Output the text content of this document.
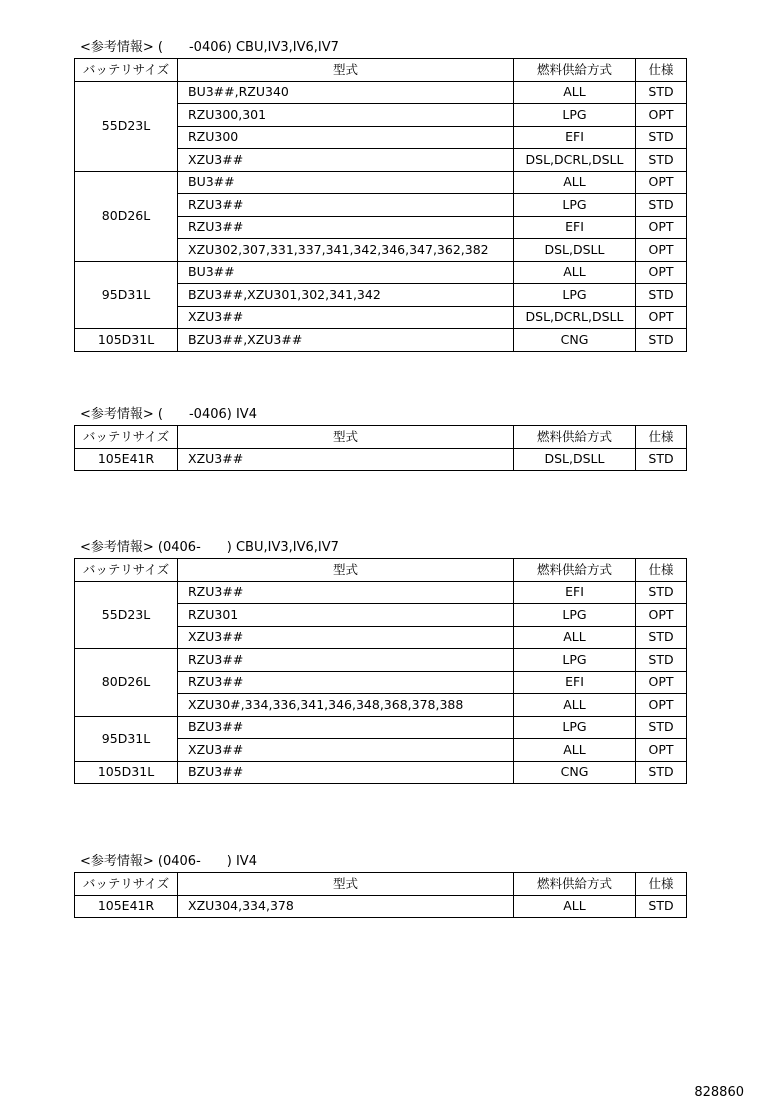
<参考情報> (　　-0406) CBU,IV3,IV6,IV7
バッテリサイズ	型式	燃料供給方式	仕様
55D23L	BU3##,RZU340	ALL	STD
	RZU300,301	LPG	OPT
	RZU300	EFI	STD
	XZU3##	DSL,DCRL,DSLL	STD
80D26L	BU3##	ALL	OPT
	RZU3##	LPG	STD
	RZU3##	EFI	OPT
	XZU302,307,331,337,341,342,346,347,362,382	DSL,DSLL	OPT
95D31L	BU3##	ALL	OPT
	BZU3##,XZU301,302,341,342	LPG	STD
	XZU3##	DSL,DCRL,DSLL	OPT
105D31L	BZU3##,XZU3##	CNG	STD
<参考情報> (　　-0406) IV4
バッテリサイズ	型式	燃料供給方式	仕様
105E41R	XZU3##	DSL,DSLL	STD
<参考情報> (0406-　　) CBU,IV3,IV6,IV7
バッテリサイズ	型式	燃料供給方式	仕様
55D23L	RZU3##	EFI	STD
	RZU301	LPG	OPT
	XZU3##	ALL	STD
80D26L	RZU3##	LPG	STD
	RZU3##	EFI	OPT
	XZU30#,334,336,341,346,348,368,378,388	ALL	OPT
95D31L	BZU3##	LPG	STD
	XZU3##	ALL	OPT
105D31L	BZU3##	CNG	STD
<参考情報> (0406-　　) IV4
バッテリサイズ	型式	燃料供給方式	仕様
105E41R	XZU304,334,378	ALL	STD
828860
